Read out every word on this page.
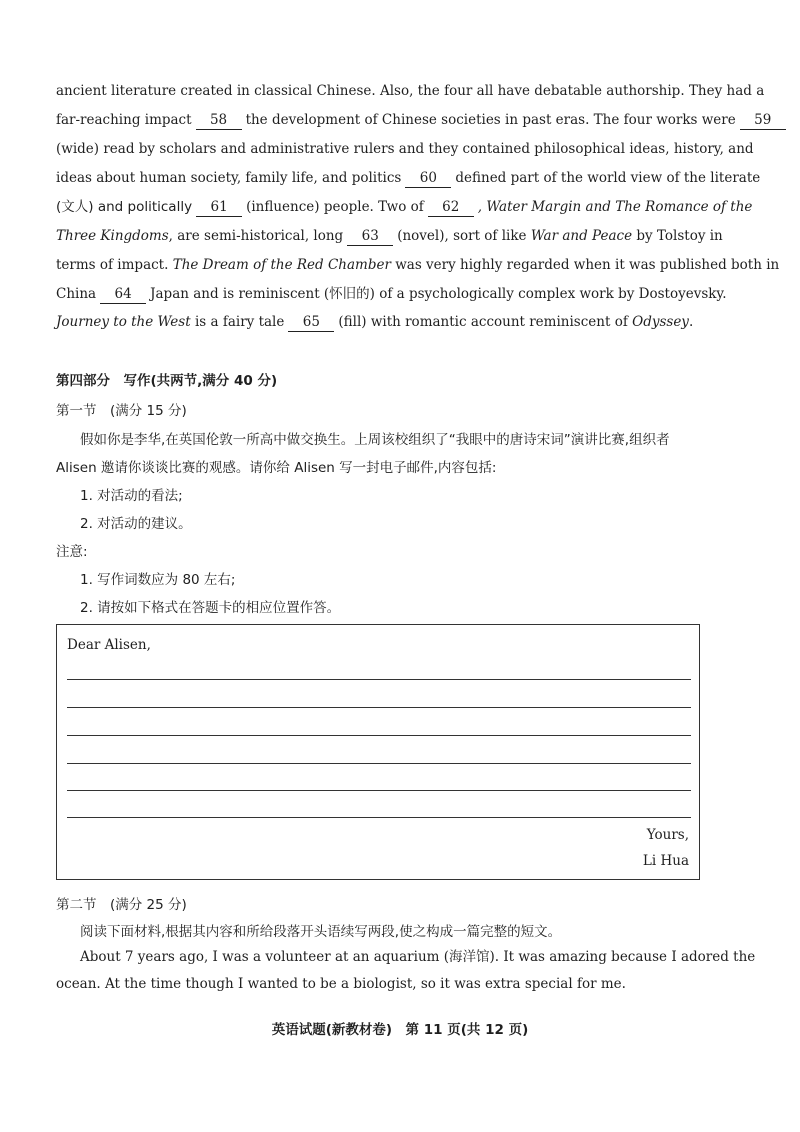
ancient literature created in classical Chinese. Also, the four all have debatable authorship. They had a
far-reaching impact 58 the development of Chinese societies in past eras. The four works were 59
(wide) read by scholars and administrative rulers and they contained philosophical ideas, history, and
ideas about human society, family life, and politics 60 defined part of the world view of the literate
(文人) and politically 61 (influence) people. Two of 62 , Water Margin and The Romance of the
Three Kingdoms, are semi-historical, long 63 (novel), sort of like War and Peace by Tolstoy in
terms of impact. The Dream of the Red Chamber was very highly regarded when it was published both in
China 64 Japan and is reminiscent (怀旧的) of a psychologically complex work by Dostoyevsky.
Journey to the West is a fairy tale 65 (fill) with romantic account reminiscent of Odyssey.
第四部分　写作(共两节,满分 40 分)
第一节　(满分 15 分)
假如你是李华,在英国伦敦一所高中做交换生。上周该校组织了“我眼中的唐诗宋词”演讲比赛,组织者
Alisen 邀请你谈谈比赛的观感。请你给 Alisen 写一封电子邮件,内容包括:
1. 对活动的看法;
2. 对活动的建议。
注意:
1. 写作词数应为 80 左右;
2. 请按如下格式在答题卡的相应位置作答。
Dear Alisen,
Yours,
Li Hua
第二节　(满分 25 分)
阅读下面材料,根据其内容和所给段落开头语续写两段,使之构成一篇完整的短文。
About 7 years ago, I was a volunteer at an aquarium (海洋馆). It was amazing because I adored the
ocean. At the time though I wanted to be a biologist, so it was extra special for me.
英语试题(新教材卷)　第 11 页(共 12 页)
